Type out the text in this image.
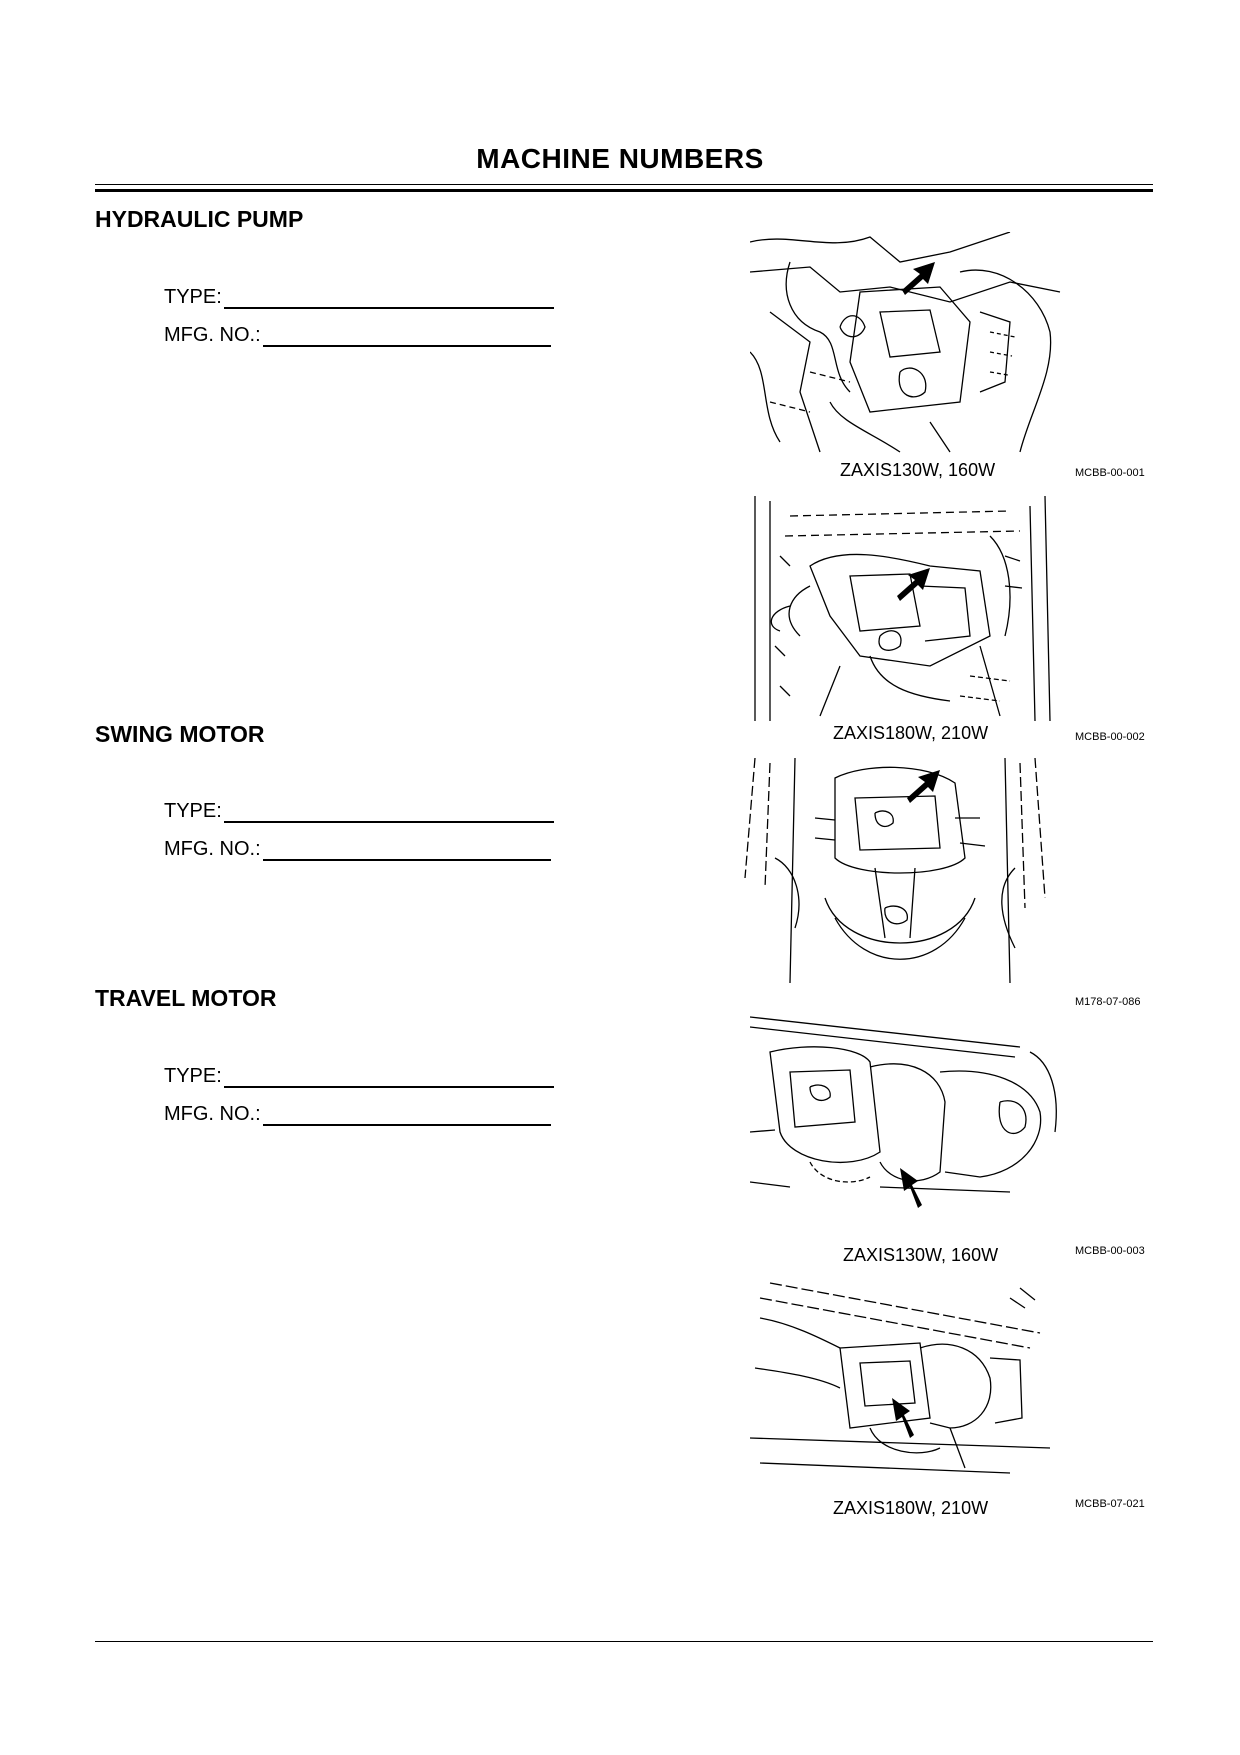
MACHINE NUMBERS
HYDRAULIC PUMP
TYPE:
MFG. NO.:
SWING MOTOR
TYPE:
MFG. NO.:
TRAVEL MOTOR
TYPE:
MFG. NO.:
ZAXIS130W, 160W	MCBB-00-001
ZAXIS180W, 210W	MCBB-00-002
M178-07-086
ZAXIS130W, 160W	MCBB-00-003
ZAXIS180W, 210W	MCBB-07-021
